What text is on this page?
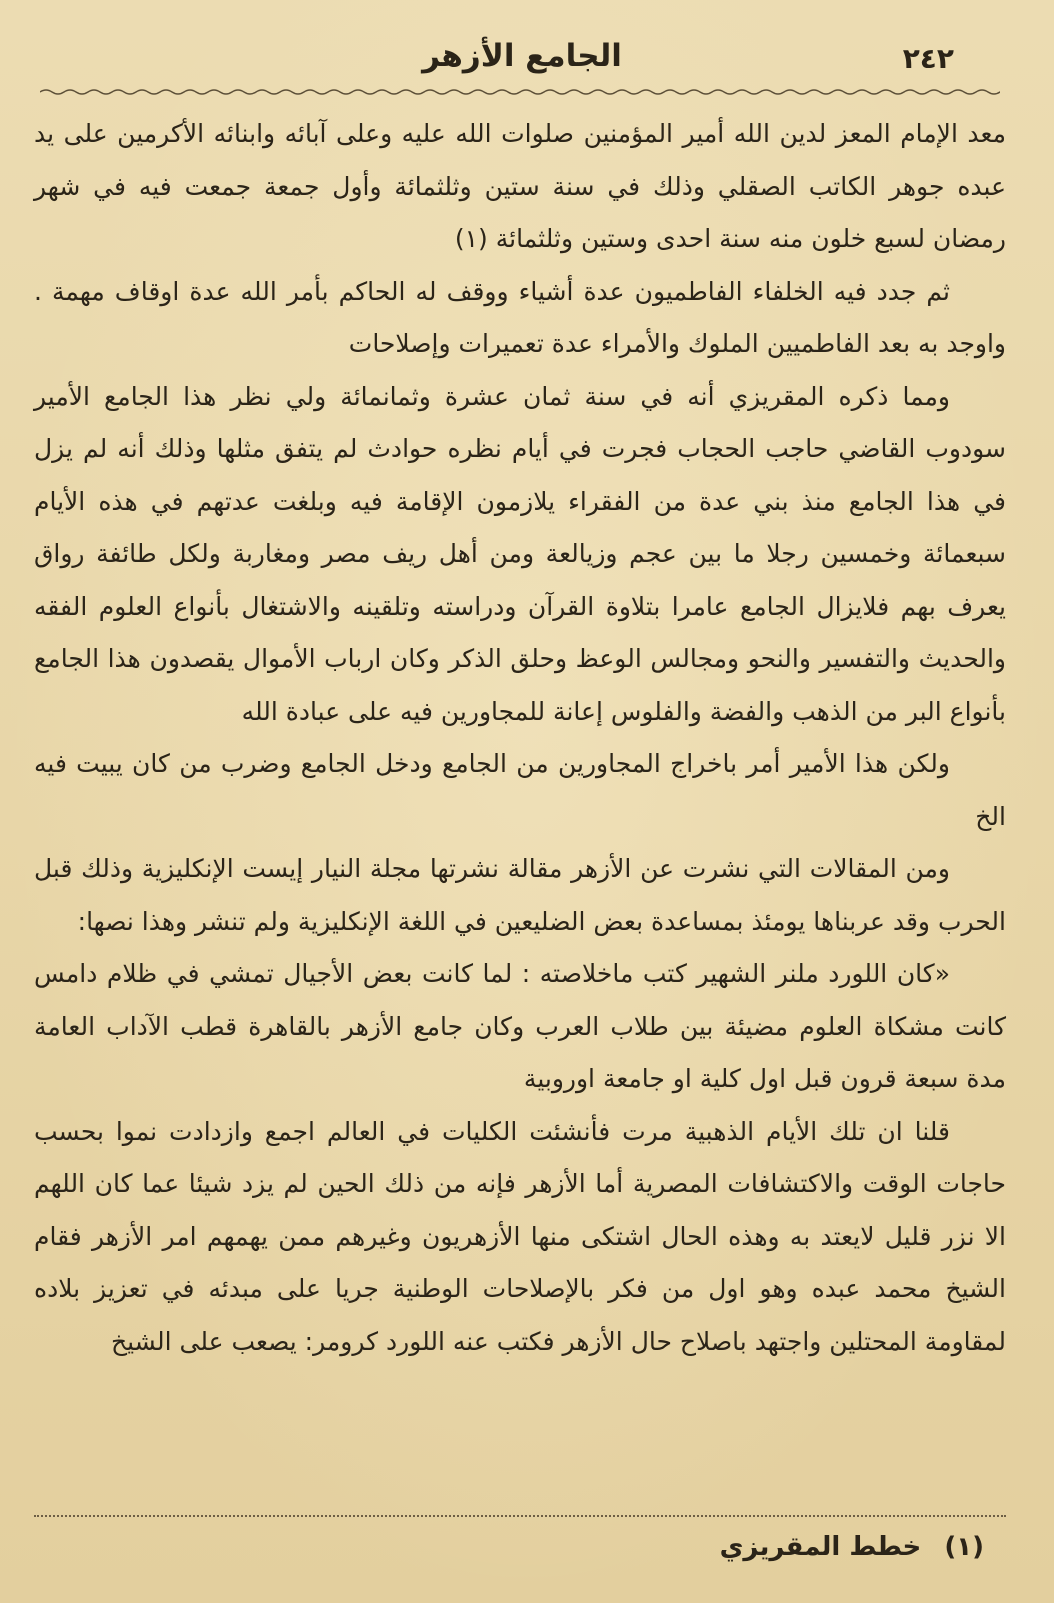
٢٤٢
الجامع الأزهر

معد الإمام المعز لدين الله أمير المؤمنين صلوات الله عليه وعلى آبائه وابنائه الأكرمين على يد عبده جوهر الكاتب الصقلي وذلك في سنة ستين وثلثمائة وأول جمعة جمعت فيه في شهر رمضان لسبع خلون منه سنة احدى وستين وثلثمائة (١)

ثم جدد فيه الخلفاء الفاطميون عدة أشياء ووقف له الحاكم بأمر الله عدة اوقاف مهمة . واوجد به بعد الفاطميين الملوك والأمراء عدة تعميرات وإصلاحات

ومما ذكره المقريزي أنه في سنة ثمان عشرة وثمانمائة ولي نظر هذا الجامع الأمير سودوب القاضي حاجب الحجاب فجرت في أيام نظره حوادث لم يتفق مثلها وذلك أنه لم يزل في هذا الجامع منذ بني عدة من الفقراء يلازمون الإقامة فيه وبلغت عدتهم في هذه الأيام سبعمائة وخمسين رجلا ما بين عجم وزيالعة ومن أهل ريف مصر ومغاربة ولكل طائفة رواق يعرف بهم فلايزال الجامع عامرا بتلاوة القرآن ودراسته وتلقينه والاشتغال بأنواع العلوم الفقه والحديث والتفسير والنحو ومجالس الوعظ وحلق الذكر وكان ارباب الأموال يقصدون هذا الجامع بأنواع البر من الذهب والفضة والفلوس إعانة للمجاورين فيه على عبادة الله

ولكن هذا الأمير أمر باخراج المجاورين من الجامع ودخل الجامع وضرب من كان يبيت فيه الخ

ومن المقالات التي نشرت عن الأزهر مقالة نشرتها مجلة النيار إيست الإنكليزية وذلك قبل الحرب وقد عربناها يومئذ بمساعدة بعض الضليعين في اللغة الإنكليزية ولم تنشر وهذا نصها:

«كان اللورد ملنر الشهير كتب ماخلاصته : لما كانت بعض الأجيال تمشي في ظلام دامس كانت مشكاة العلوم مضيئة بين طلاب العرب وكان جامع الأزهر بالقاهرة قطب الآداب العامة مدة سبعة قرون قبل اول كلية او جامعة اوروبية

قلنا ان تلك الأيام الذهبية مرت فأنشئت الكليات في العالم اجمع وازدادت نموا بحسب حاجات الوقت والاكتشافات المصرية أما الأزهر فإنه من ذلك الحين لم يزد شيئا عما كان اللهم الا نزر قليل لايعتد به وهذه الحال اشتكى منها الأزهريون وغيرهم ممن يهمهم امر الأزهر فقام الشيخ محمد عبده وهو اول من فكر بالإصلاحات الوطنية جريا على مبدئه في تعزيز بلاده لمقاومة المحتلين واجتهد باصلاح حال الأزهر فكتب عنه اللورد كرومر: يصعب على الشيخ

(١) خطط المقريزي
